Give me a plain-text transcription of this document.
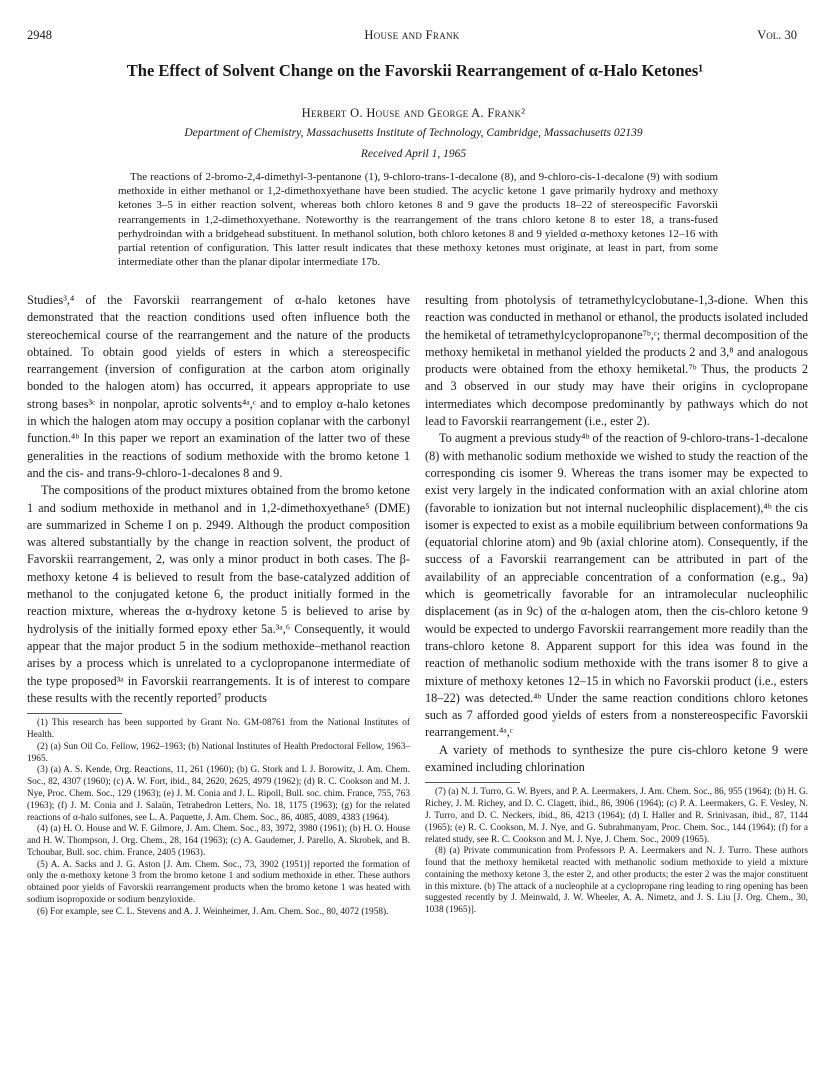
2948	House and Frank	Vol. 30
The Effect of Solvent Change on the Favorskii Rearrangement of α-Halo Ketones¹
Herbert O. House and George A. Frank²
Department of Chemistry, Massachusetts Institute of Technology, Cambridge, Massachusetts 02139
Received April 1, 1965
The reactions of 2-bromo-2,4-dimethyl-3-pentanone (1), 9-chloro-trans-1-decalone (8), and 9-chloro-cis-1-decalone (9) with sodium methoxide in either methanol or 1,2-dimethoxyethane have been studied. The acyclic ketone 1 gave primarily hydroxy and methoxy ketones 3–5 in either reaction solvent, whereas both chloro ketones 8 and 9 gave the products 18–22 of stereospecific Favorskii rearrangements in 1,2-dimethoxyethane. Noteworthy is the rearrangement of the trans chloro ketone 8 to ester 18, a trans-fused perhydroindan with a bridgehead substituent. In methanol solution, both chloro ketones 8 and 9 yielded α-methoxy ketones 12–16 with partial retention of configuration. This latter result indicates that these methoxy ketones must originate, at least in part, from some intermediate other than the planar dipolar intermediate 17b.

Studies³,⁴ of the Favorskii rearrangement of α-halo ketones have demonstrated that the reaction conditions used often influence both the stereochemical course of the rearrangement and the nature of the products obtained. To obtain good yields of esters in which a stereospecific rearrangement (inversion of configuration at the carbon atom originally bonded to the halogen atom) has occurred, it appears appropriate to use strong bases³ᶜ in nonpolar, aprotic solvents⁴ᵃ,ᶜ and to employ α-halo ketones in which the halogen atom may occupy a position coplanar with the carbonyl function.⁴ᵇ In this paper we report an examination of the latter two of these generalities in the reactions of sodium methoxide with the bromo ketone 1 and the cis- and trans-9-chloro-1-decalones 8 and 9.

The compositions of the product mixtures obtained from the bromo ketone 1 and sodium methoxide in methanol and in 1,2-dimethoxyethane⁵ (DME) are summarized in Scheme I on p. 2949. Although the product composition was altered substantially by the change in reaction solvent, the product of Favorskii rearrangement, 2, was only a minor product in both cases. The β-methoxy ketone 4 is believed to result from the base-catalyzed addition of methanol to the conjugated ketone 6, the product initially formed in the reaction mixture, whereas the α-hydroxy ketone 5 is believed to arise by hydrolysis of the initially formed epoxy ether 5a.³ᵃ,⁶ Consequently, it would appear that the major product 5 in the sodium methoxide–methanol reaction arises by a process which is unrelated to a cyclopropanone intermediate of the type proposed³ᵃ in Favorskii rearrangements. It is of interest to compare these results with the recently reported⁷ products

(1) This research has been supported by Grant No. GM-08761 from the National Institutes of Health.

(2) (a) Sun Oil Co. Fellow, 1962–1963; (b) National Institutes of Health Predoctoral Fellow, 1963–1965.

(3) (a) A. S. Kende, Org. Reactions, 11, 261 (1960); (b) G. Stork and I. J. Borowitz, J. Am. Chem. Soc., 82, 4307 (1960); (c) A. W. Fort, ibid., 84, 2620, 2625, 4979 (1962); (d) R. C. Cookson and M. J. Nye, Proc. Chem. Soc., 129 (1963); (e) J. M. Conia and J. L. Ripoll, Bull. soc. chim. France, 755, 763 (1963); (f) J. M. Conia and J. Salaün, Tetrahedron Letters, No. 18, 1175 (1963); (g) for the related reactions of α-halo sulfones, see L. A. Paquette, J. Am. Chem. Soc., 86, 4085, 4089, 4383 (1964).

(4) (a) H. O. House and W. F. Gilmore, J. Am. Chem. Soc., 83, 3972, 3980 (1961); (b) H. O. House and H. W. Thompson, J. Org. Chem., 28, 164 (1963); (c) A. Gaudemer, J. Parello, A. Skrobek, and B. Tchoubar, Bull. soc. chim. France, 2405 (1963).

(5) A. A. Sacks and J. G. Aston [J. Am. Chem. Soc., 73, 3902 (1951)] reported the formation of only the α-methoxy ketone 3 from the bromo ketone 1 and sodium methoxide in ether. These authors obtained poor yields of Favorskii rearrangement products when the bromo ketone 1 was heated with sodium isopropoxide or sodium benzyloxide.

(6) For example, see C. L. Stevens and A. J. Weinheimer, J. Am. Chem. Soc., 80, 4072 (1958).

resulting from photolysis of tetramethylcyclobutane-1,3-dione. When this reaction was conducted in methanol or ethanol, the products isolated included the hemiketal of tetramethylcyclopropanone⁷ᵇ,ᶜ; thermal decomposition of the methoxy hemiketal in methanol yielded the products 2 and 3,⁸ and analogous products were obtained from the ethoxy hemiketal.⁷ᵇ Thus, the products 2 and 3 observed in our study may have their origins in cyclopropane intermediates which decompose predominantly by pathways which do not lead to Favorskii rearrangement (i.e., ester 2).

To augment a previous study⁴ᵇ of the reaction of 9-chloro-trans-1-decalone (8) with methanolic sodium methoxide we wished to study the reaction of the corresponding cis isomer 9. Whereas the trans isomer may be expected to exist very largely in the indicated conformation with an axial chlorine atom (favorable to ionization but not internal nucleophilic displacement),⁴ᵇ the cis isomer is expected to exist as a mobile equilibrium between conformations 9a (equatorial chlorine atom) and 9b (axial chlorine atom). Consequently, if the success of a Favorskii rearrangement can be attributed in part of the availability of an appreciable concentration of a conformation (e.g., 9a) which is geometrically favorable for an intramolecular nucleophilic displacement (as in 9c) of the α-halogen atom, then the cis-chloro ketone 9 would be expected to undergo Favorskii rearrangement more readily than the trans-chloro ketone 8. Apparent support for this idea was found in the reaction of methanolic sodium methoxide with the trans isomer 8 to give a mixture of methoxy ketones 12–15 in which no Favorskii product (i.e., esters 18–22) was detected.⁴ᵇ Under the same reaction conditions chloro ketones such as 7 afforded good yields of esters from a nonstereospecific Favorskii rearrangement.⁴ᵃ,ᶜ

A variety of methods to synthesize the pure cis-chloro ketone 9 were examined including chlorination

(7) (a) N. J. Turro, G. W. Byers, and P. A. Leermakers, J. Am. Chem. Soc., 86, 955 (1964); (b) H. G. Richey, J. M. Richey, and D. C. Clagett, ibid., 86, 3906 (1964); (c) P. A. Leermakers, G. F. Vesley, N. J. Turro, and D. C. Neckers, ibid., 86, 4213 (1964); (d) I. Haller and R. Srinivasan, ibid., 87, 1144 (1965); (e) R. C. Cookson, M. J. Nye, and G. Subrahmanyam, Proc. Chem. Soc., 144 (1964); (f) for a related study, see R. C. Cookson and M. J. Nye, J. Chem. Soc., 2009 (1965).

(8) (a) Private communication from Professors P. A. Leermakers and N. J. Turro. These authors found that the methoxy hemiketal reacted with methanolic sodium methoxide to yield a mixture containing the methoxy ketone 3, the ester 2, and other products; the ester 2 was the major constituent in this mixture. (b) The attack of a nucleophile at a cyclopropane ring leading to ring opening has been suggested recently by J. Meinwald, J. W. Wheeler, A. A. Nimetz, and J. S. Liu [J. Org. Chem., 30, 1038 (1965)].
